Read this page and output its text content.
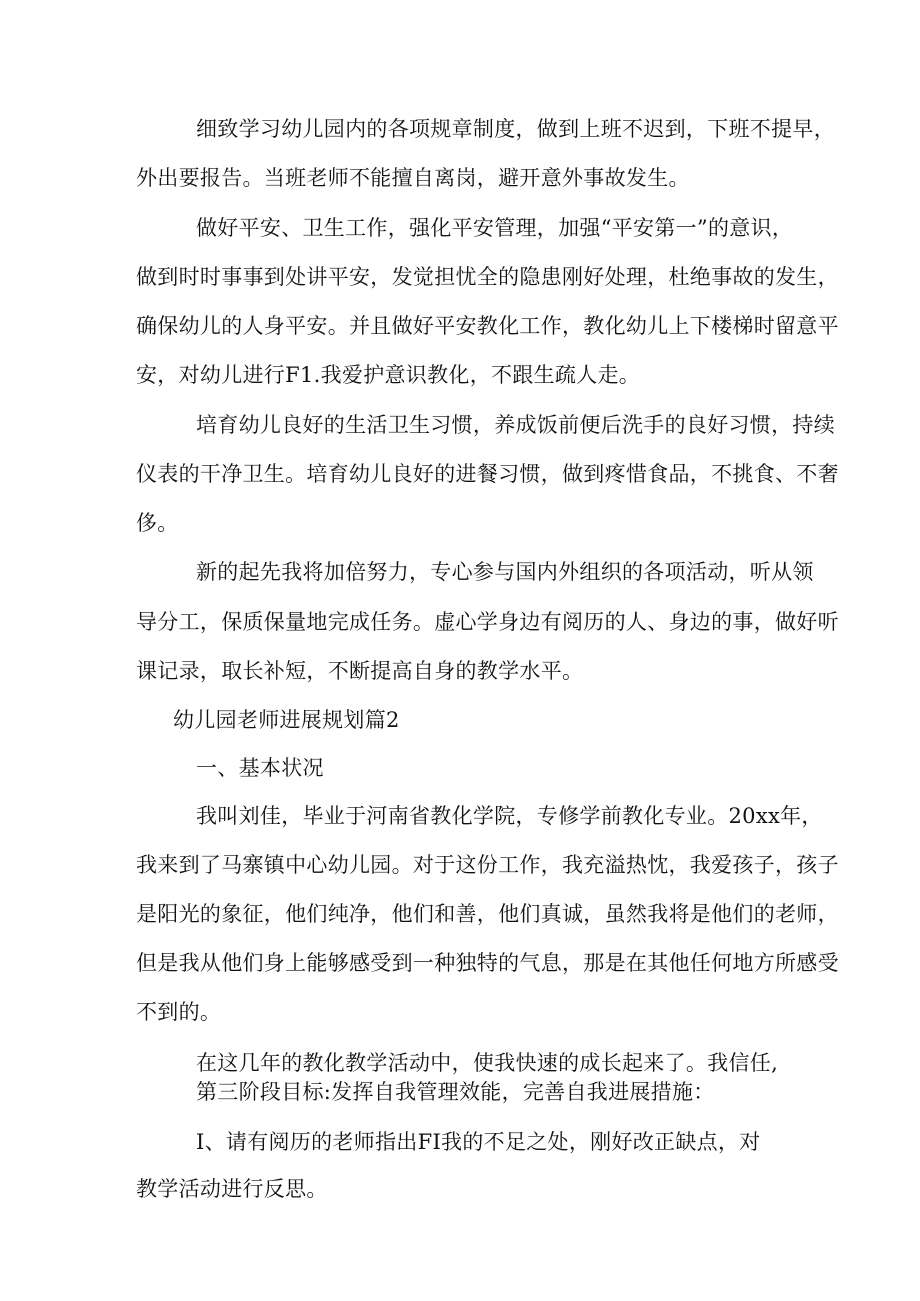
细致学习幼儿园内的各项规章制度，做到上班不迟到，下班不提早，
外出要报告。当班老师不能擅自离岗，避开意外事故发生。
做好平安、卫生工作，强化平安管理，加强“平安第一”的意识，
做到时时事事到处讲平安，发觉担忧全的隐患刚好处理，杜绝事故的发生，
确保幼儿的人身平安。并且做好平安教化工作，教化幼儿上下楼梯时留意平
安，对幼儿进行F1.我爱护意识教化，不跟生疏人走。
培育幼儿良好的生活卫生习惯，养成饭前便后洗手的良好习惯，持续
仪表的干净卫生。培育幼儿良好的进餐习惯，做到疼惜食品，不挑食、不奢
侈。
新的起先我将加倍努力，专心参与国内外组织的各项活动，听从领
导分工，保质保量地完成任务。虚心学身边有阅历的人、身边的事，做好听
课记录，取长补短，不断提高自身的教学水平。
幼儿园老师进展规划篇2
一、基本状况
我叫刘佳，毕业于河南省教化学院，专修学前教化专业。20xx年，
我来到了马寨镇中心幼儿园。对于这份工作，我充溢热忱，我爱孩子，孩子
是阳光的象征，他们纯净，他们和善，他们真诚，虽然我将是他们的老师，
但是我从他们身上能够感受到一种独特的气息，那是在其他任何地方所感受
不到的。
在这几年的教化教学活动中，使我快速的成长起来了。我信任,
第三阶段目标:发挥自我管理效能，完善自我进展措施：
I、请有阅历的老师指出FI我的不足之处，刚好改正缺点，对
教学活动进行反思。
